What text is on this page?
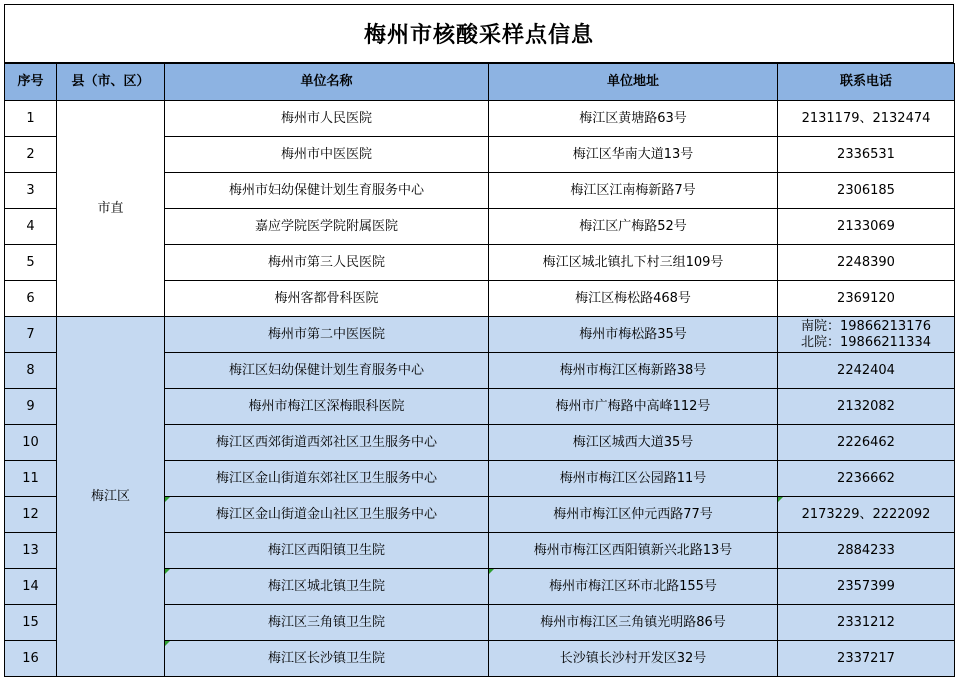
梅州市核酸采样点信息
序号	县（市、区）	单位名称	单位地址	联系电话
1	市直	梅州市人民医院	梅江区黄塘路63号	2131179、2132474
2		梅州市中医医院	梅江区华南大道13号	2336531
3		梅州市妇幼保健计划生育服务中心	梅江区江南梅新路7号	2306185
4		嘉应学院医学院附属医院	梅江区广梅路52号	2133069
5		梅州市第三人民医院	梅江区城北镇扎下村三组109号	2248390
6		梅州客都骨科医院	梅江区梅松路468号	2369120
7	梅江区	梅州市第二中医医院	梅州市梅松路35号	南院：19866213176
北院：19866211334

8		梅江区妇幼保健计划生育服务中心	梅州市梅江区梅新路38号	2242404
9		梅州市梅江区深梅眼科医院	梅州市广梅路中高峰112号	2132082
10		梅江区西郊街道西郊社区卫生服务中心	梅江区城西大道35号	2226462
11		梅江区金山街道东郊社区卫生服务中心	梅州市梅江区公园路11号	2236662
12		梅江区金山街道金山社区卫生服务中心	梅州市梅江区仲元西路77号	2173229、2222092
13		梅江区西阳镇卫生院	梅州市梅江区西阳镇新兴北路13号	2884233
14		梅江区城北镇卫生院	梅州市梅江区环市北路155号	2357399
15		梅江区三角镇卫生院	梅州市梅江区三角镇光明路86号	2331212
16		梅江区长沙镇卫生院	长沙镇长沙村开发区32号	2337217
